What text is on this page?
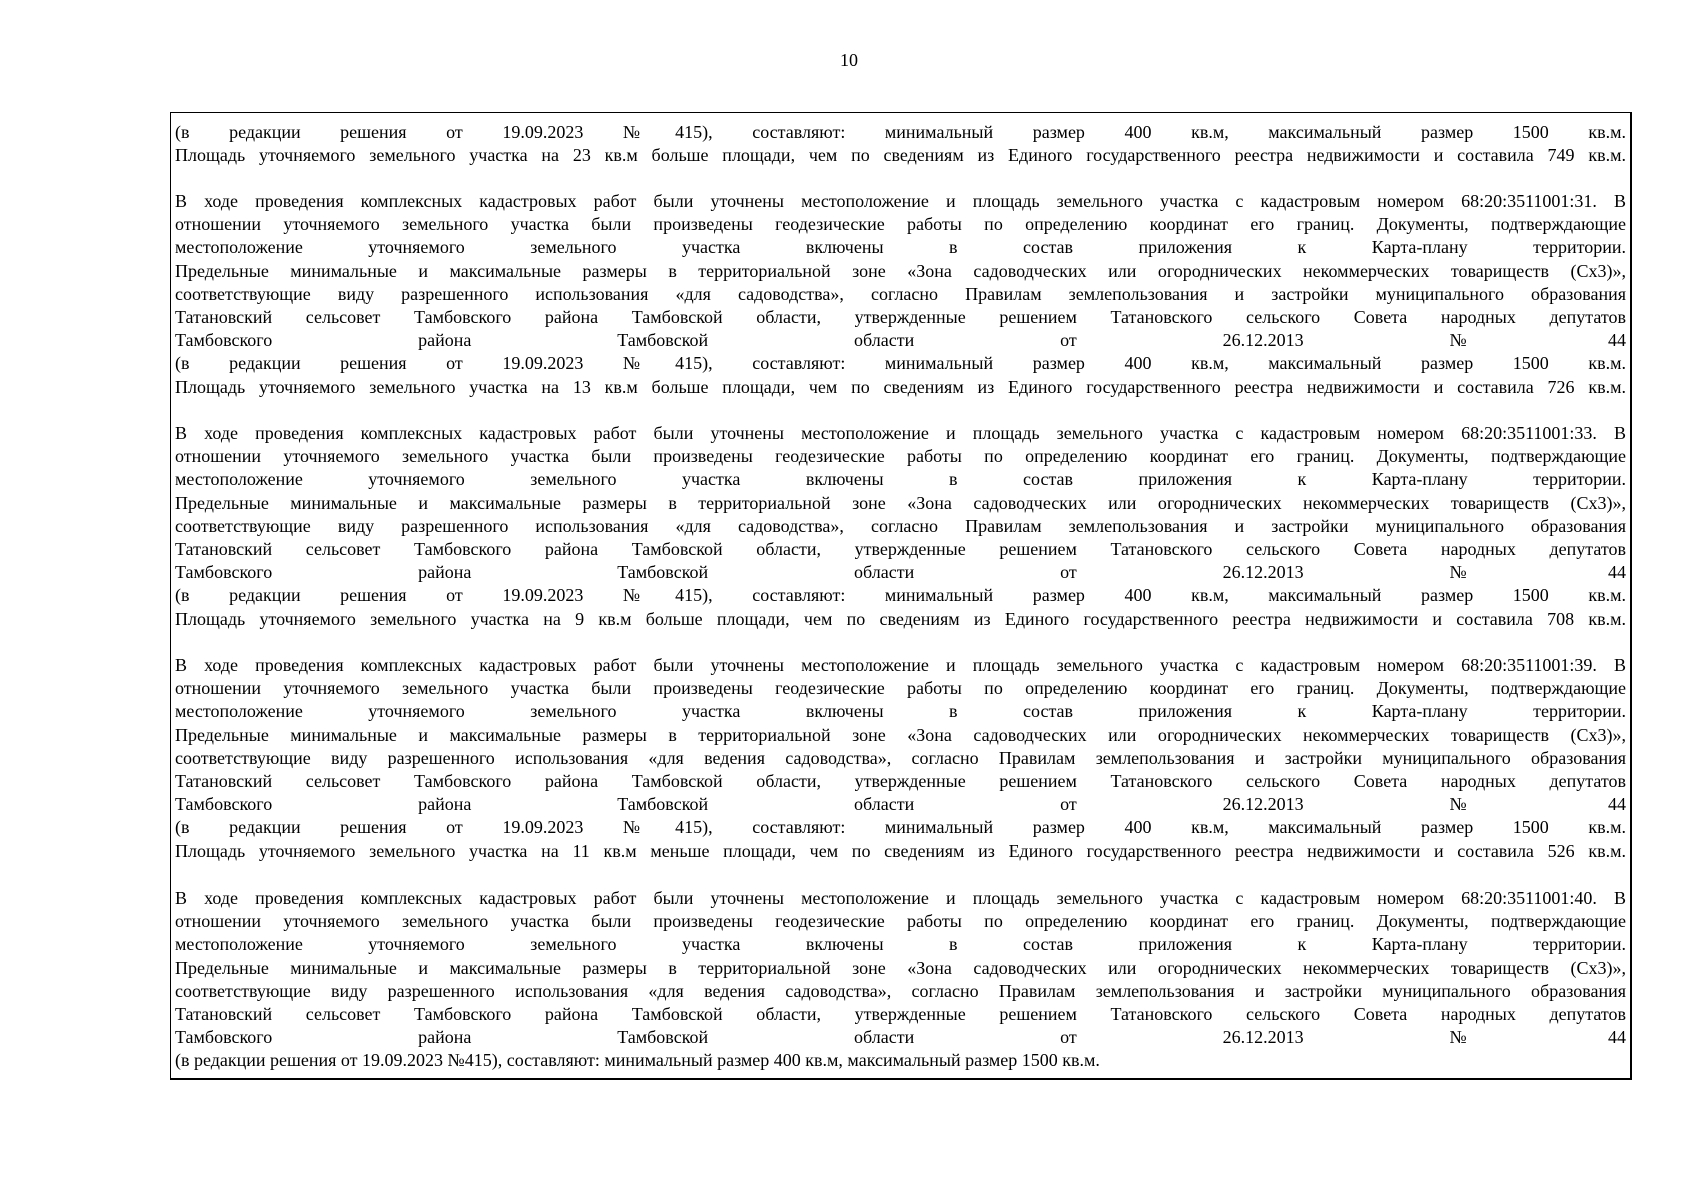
10
(в редакции решения от 19.09.2023 №415), составляют: минимальный размер 400 кв.м, максимальный размер 1500 кв.м.
Площадь уточняемого земельного участка на 23 кв.м больше площади, чем по сведениям из Единого государственного реестра недвижимости и составила 749 кв.м.
В ходе проведения комплексных кадастровых работ были уточнены местоположение и площадь земельного участка с кадастровым номером 68:20:3511001:31. В
отношении уточняемого земельного участка были произведены геодезические работы по определению координат его границ. Документы, подтверждающие
местоположение уточняемого земельного участка включены в состав приложения к Карта-плану территории.
Предельные минимальные и максимальные размеры в территориальной зоне «Зона садоводческих или огороднических некоммерческих товариществ (Сх3)»,
соответствующие виду разрешенного использования «для садоводства», согласно Правилам землепользования и застройки муниципального образования
Татановский сельсовет Тамбовского района Тамбовской области, утвержденные решением Татановского сельского Совета народных депутатов
Тамбовского района Тамбовской области от 26.12.2013 №44
(в редакции решения от 19.09.2023 №415), составляют: минимальный размер 400 кв.м, максимальный размер 1500 кв.м.
Площадь уточняемого земельного участка на 13 кв.м больше площади, чем по сведениям из Единого государственного реестра недвижимости и составила 726 кв.м.
В ходе проведения комплексных кадастровых работ были уточнены местоположение и площадь земельного участка с кадастровым номером 68:20:3511001:33. В
отношении уточняемого земельного участка были произведены геодезические работы по определению координат его границ. Документы, подтверждающие
местоположение уточняемого земельного участка включены в состав приложения к Карта-плану территории.
Предельные минимальные и максимальные размеры в территориальной зоне «Зона садоводческих или огороднических некоммерческих товариществ (Сх3)»,
соответствующие виду разрешенного использования «для садоводства», согласно Правилам землепользования и застройки муниципального образования
Татановский сельсовет Тамбовского района Тамбовской области, утвержденные решением Татановского сельского Совета народных депутатов
Тамбовского района Тамбовской области от 26.12.2013 №44
(в редакции решения от 19.09.2023 №415), составляют: минимальный размер 400 кв.м, максимальный размер 1500 кв.м.
Площадь уточняемого земельного участка на 9 кв.м больше площади, чем по сведениям из Единого государственного реестра недвижимости и составила 708 кв.м.
В ходе проведения комплексных кадастровых работ были уточнены местоположение и площадь земельного участка с кадастровым номером 68:20:3511001:39. В
отношении уточняемого земельного участка были произведены геодезические работы по определению координат его границ. Документы, подтверждающие
местоположение уточняемого земельного участка включены в состав приложения к Карта-плану территории.
Предельные минимальные и максимальные размеры в территориальной зоне «Зона садоводческих или огороднических некоммерческих товариществ (Сх3)»,
соответствующие виду разрешенного использования «для ведения садоводства», согласно Правилам землепользования и застройки муниципального образования
Татановский сельсовет Тамбовского района Тамбовской области, утвержденные решением Татановского сельского Совета народных депутатов
Тамбовского района Тамбовской области от 26.12.2013 №44
(в редакции решения от 19.09.2023 №415), составляют: минимальный размер 400 кв.м, максимальный размер 1500 кв.м.
Площадь уточняемого земельного участка на 11 кв.м меньше площади, чем по сведениям из Единого государственного реестра недвижимости и составила 526 кв.м.
В ходе проведения комплексных кадастровых работ были уточнены местоположение и площадь земельного участка с кадастровым номером 68:20:3511001:40. В
отношении уточняемого земельного участка были произведены геодезические работы по определению координат его границ. Документы, подтверждающие
местоположение уточняемого земельного участка включены в состав приложения к Карта-плану территории.
Предельные минимальные и максимальные размеры в территориальной зоне «Зона садоводческих или огороднических некоммерческих товариществ (Сх3)»,
соответствующие виду разрешенного использования «для ведения садоводства», согласно Правилам землепользования и застройки муниципального образования
Татановский сельсовет Тамбовского района Тамбовской области, утвержденные решением Татановского сельского Совета народных депутатов
Тамбовского района Тамбовской области от 26.12.2013 №44
(в редакции решения от 19.09.2023 №415), составляют: минимальный размер 400 кв.м, максимальный размер 1500 кв.м.
